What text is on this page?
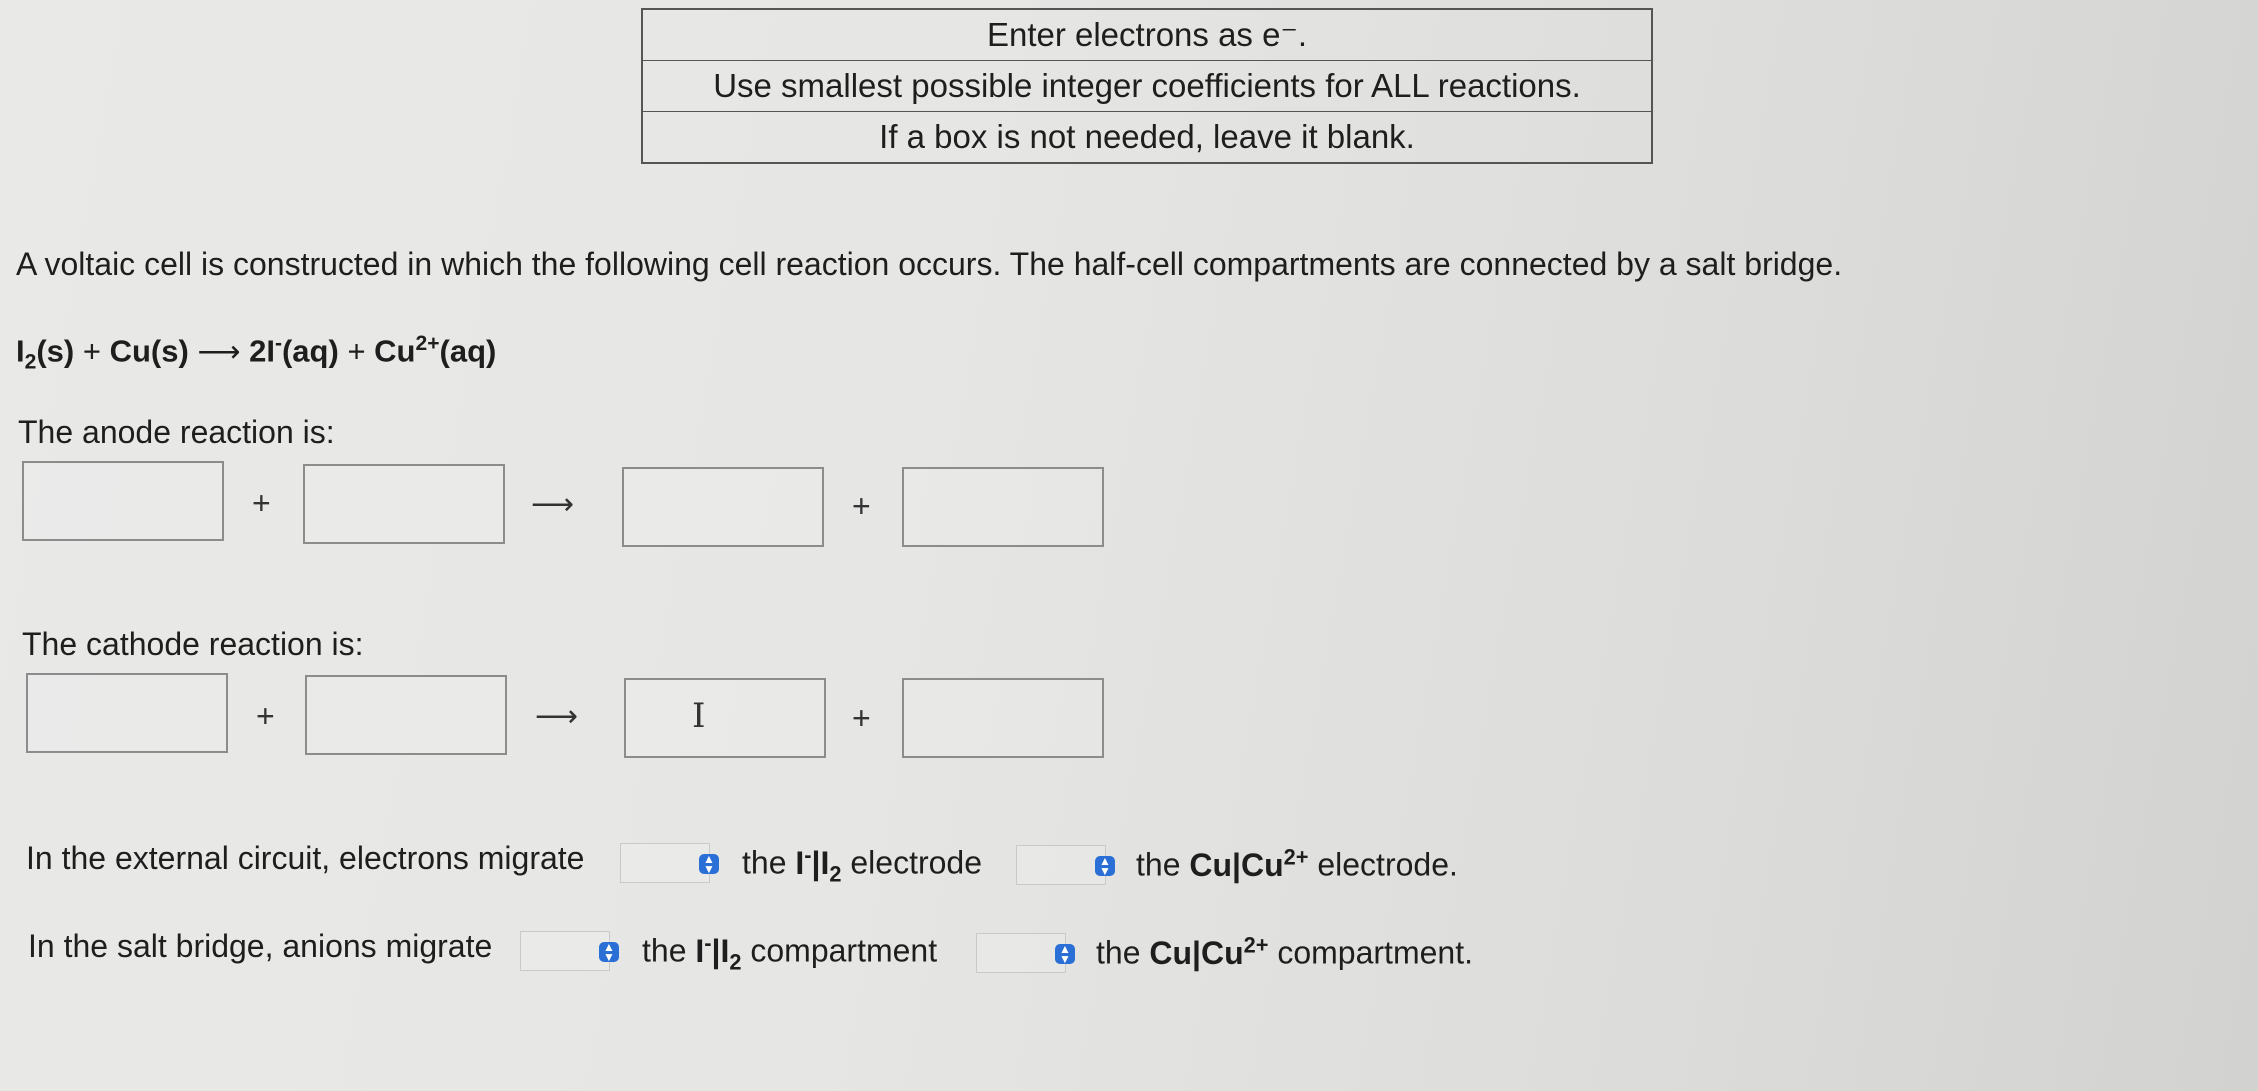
Enter electrons as e⁻.
Use smallest possible integer coefficients for ALL reactions.
If a box is not needed, leave it blank.
A voltaic cell is constructed in which the following cell reaction occurs. The half-cell compartments are connected by a salt bridge.
$I_2(s) + Cu(s)$ ⟶ $2I^-(aq) + Cu^{2+}(aq)$
The anode reaction is:
+	⟶	+
The cathode reaction is:
+	⟶	I	+
In the external circuit, electrons migrate	▲
▼ the $I^-|I_2$ electrode	▲
▼ the $Cu|Cu^{2+}$ electrode.
In the salt bridge, anions migrate	▲
▼ the $I^-|I_2$ compartment	▲
▼ the $Cu|Cu^{2+}$ compartment.
